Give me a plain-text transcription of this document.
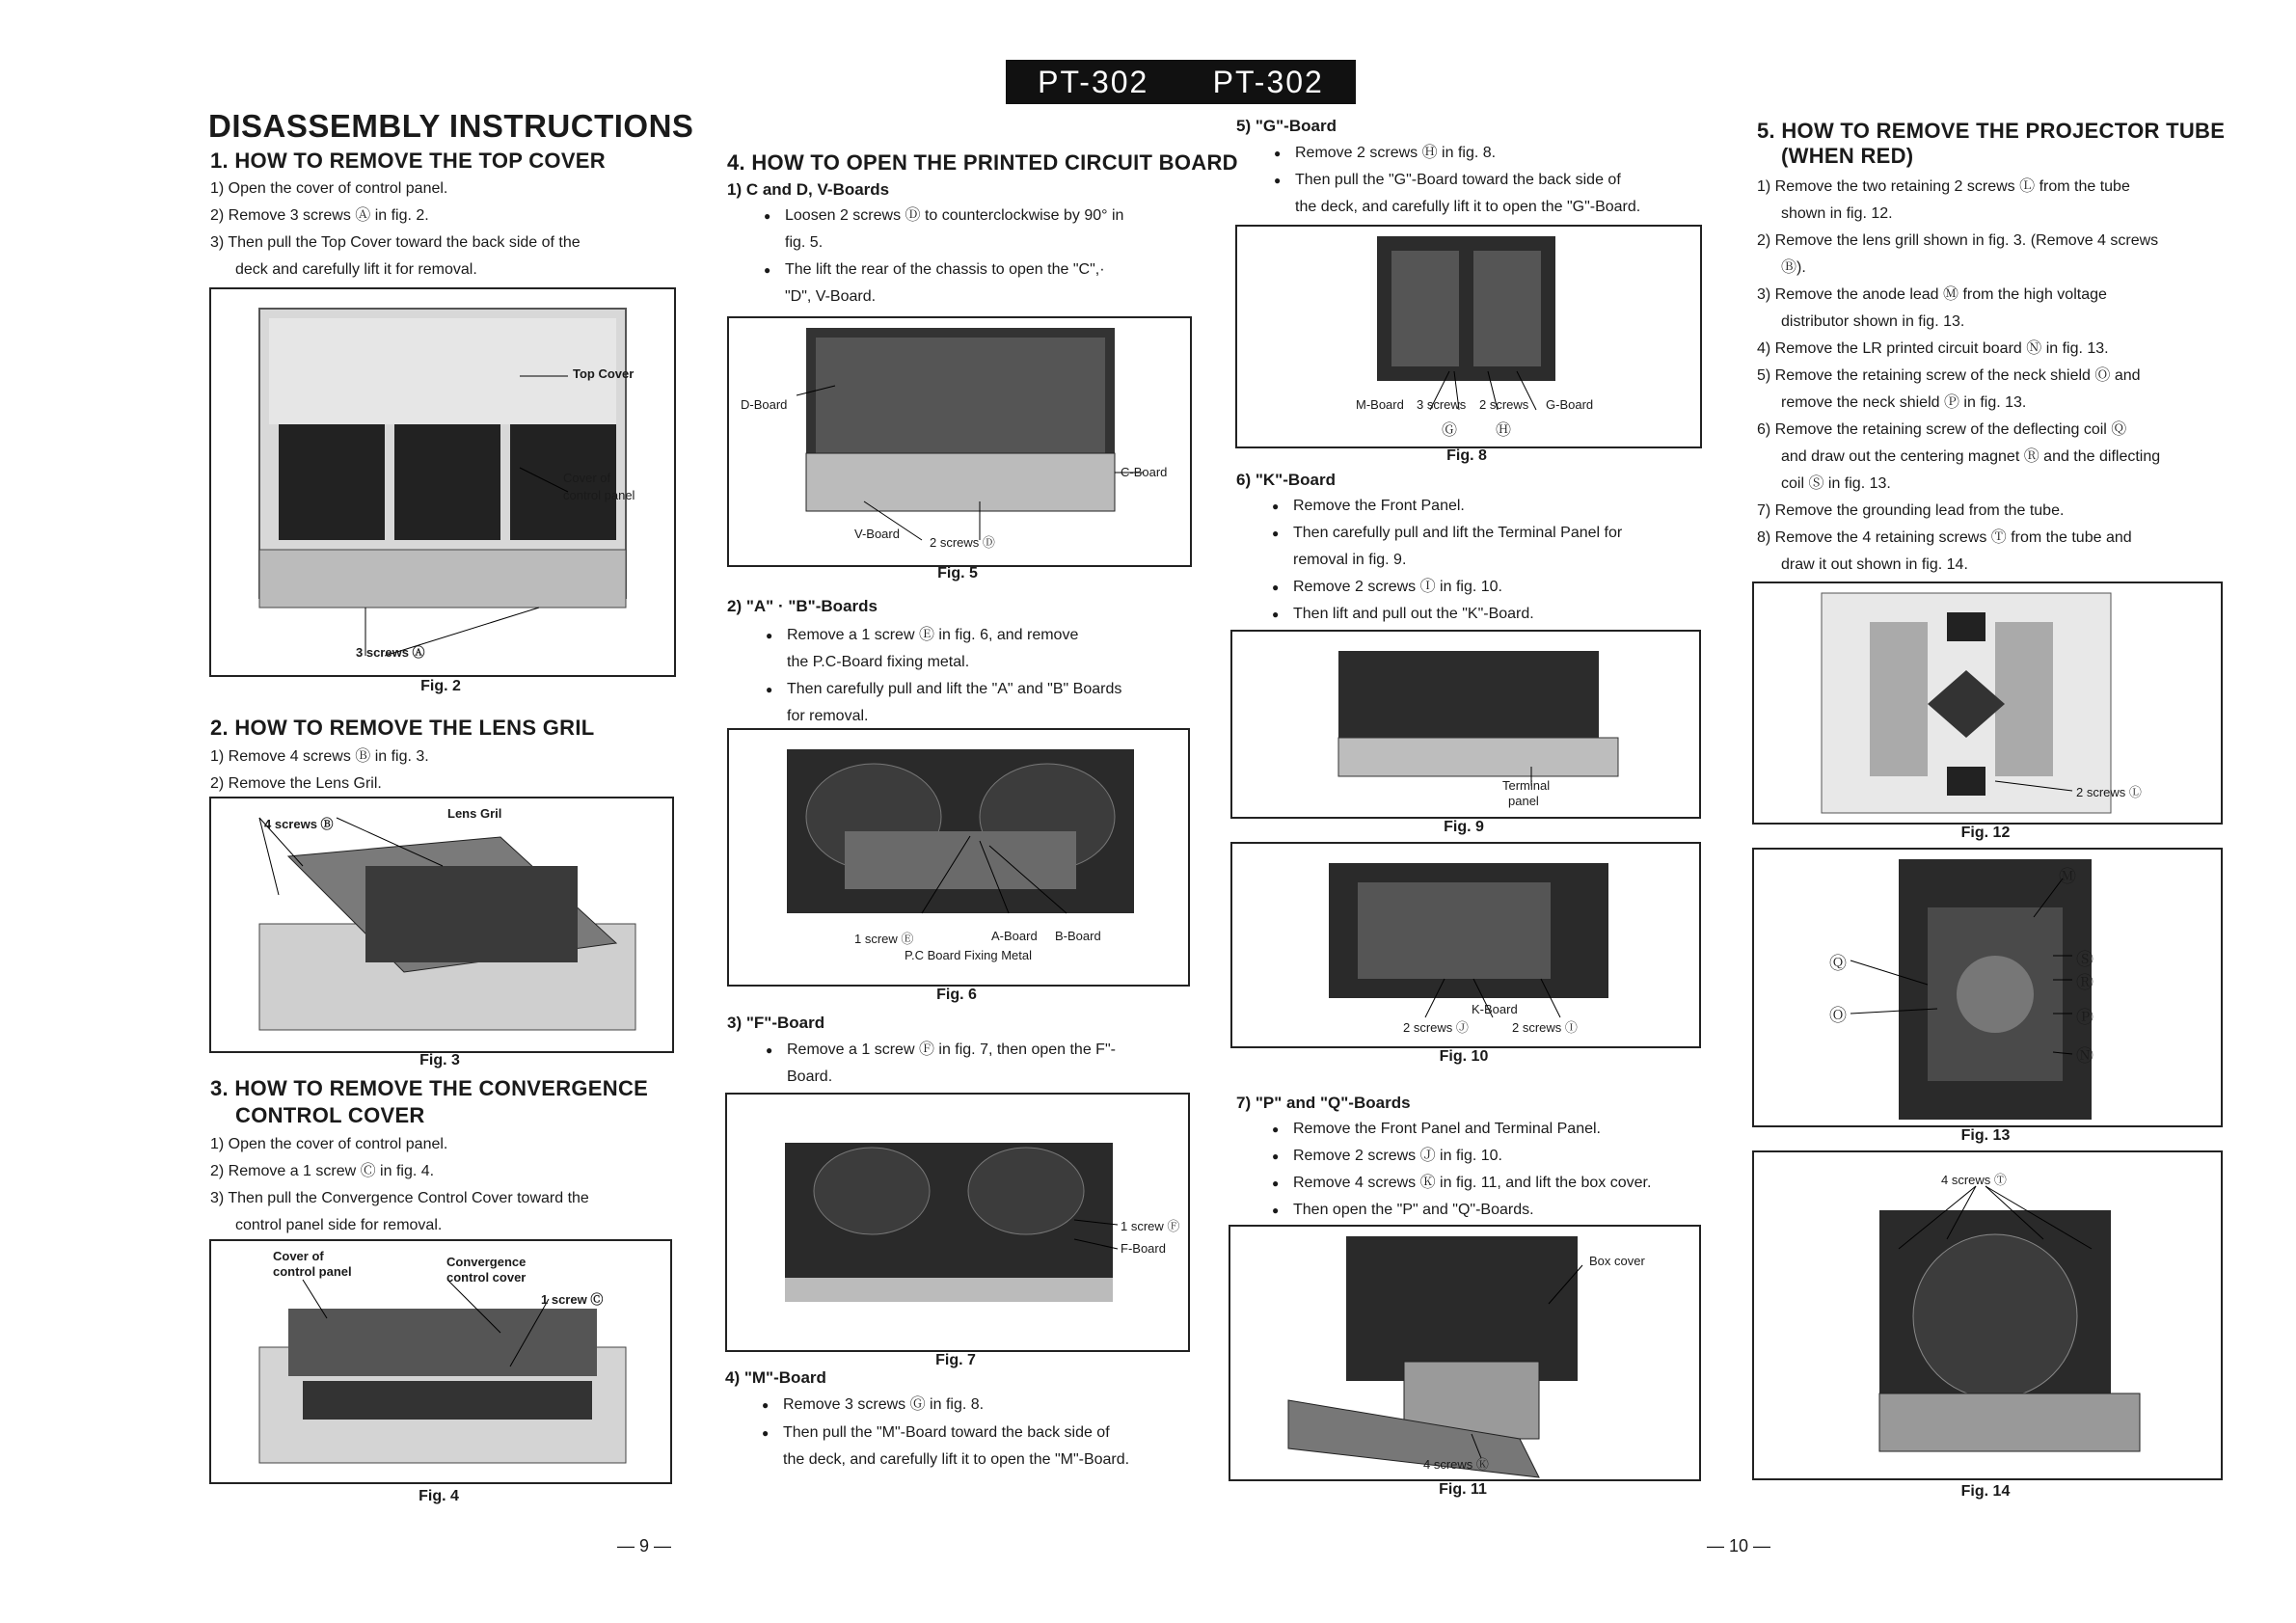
PT-302 PT-302
DISASSEMBLY INSTRUCTIONS
1. HOW TO REMOVE THE TOP COVER
1) Open the cover of control panel.
2) Remove 3 screws Ⓐ in fig. 2.
3) Then pull the Top Cover toward the back side of the
deck and carefully lift it for removal.
Top Cover
Cover of
control panel
3 screws Ⓐ
Fig. 2
2. HOW TO REMOVE THE LENS GRIL
1) Remove 4 screws Ⓑ in fig. 3.
2) Remove the Lens Gril.
4 screws Ⓑ
Lens Gril
Fig. 3
3. HOW TO REMOVE THE CONVERGENCE
CONTROL COVER
1) Open the cover of control panel.
2) Remove a 1 screw Ⓒ in fig. 4.
3) Then pull the Convergence Control Cover toward the
control panel side for removal.
Cover of
control panel
Convergence
control cover
1 screw Ⓒ
Fig. 4
— 9 —
4. HOW TO OPEN THE PRINTED CIRCUIT BOARD
1) C and D, V-Boards
● Loosen 2 screws Ⓓ to counterclockwise by 90° in
fig. 5.
● The lift the rear of the chassis to open the "C",·
"D", V-Board.
D-Board
C-Board
V-Board
2 screws Ⓓ
Fig. 5
2) "A" · "B"-Boards
● Remove a 1 screw Ⓔ in fig. 6, and remove
the P.C-Board fixing metal.
● Then carefully pull and lift the "A" and "B" Boards
for removal.
1 screw Ⓔ	A-Board B-Board
P.C Board Fixing Metal
Fig. 6
3) "F"-Board
● Remove a 1 screw Ⓕ in fig. 7, then open the F"-
Board.
1 screw Ⓕ
F-Board
Fig. 7
4) "M"-Board
● Remove 3 screws Ⓖ in fig. 8.
● Then pull the "M"-Board toward the back side of
the deck, and carefully lift it to open the "M"-Board.
5) "G"-Board
● Remove 2 screws Ⓗ in fig. 8.
● Then pull the "G"-Board toward the back side of
the deck, and carefully lift it to open the "G"-Board.
M-Board 3 screws 2 screws G-Board
Ⓖ Ⓗ
Fig. 8
6) "K"-Board
● Remove the Front Panel.
● Then carefully pull and lift the Terminal Panel for
removal in fig. 9.
● Remove 2 screws Ⓘ in fig. 10.
● Then lift and pull out the "K"-Board.
Terminal
panel
Fig. 9
K-Board
2 screws Ⓙ	2 screws Ⓘ
Fig. 10
7) "P" and "Q"-Boards
● Remove the Front Panel and Terminal Panel.
● Remove 2 screws Ⓙ in fig. 10.
● Remove 4 screws Ⓚ in fig. 11, and lift the box cover.
● Then open the "P" and "Q"-Boards.
Box cover
4 screws Ⓚ
Fig. 11
5. HOW TO REMOVE THE PROJECTOR TUBE
(WHEN RED)
1) Remove the two retaining 2 screws Ⓛ from the tube
shown in fig. 12.
2) Remove the lens grill shown in fig. 3. (Remove 4 screws
Ⓑ).
3) Remove the anode lead Ⓜ from the high voltage
distributor shown in fig. 13.
4) Remove the LR printed circuit board Ⓝ in fig. 13.
5) Remove the retaining screw of the neck shield Ⓞ and
remove the neck shield Ⓟ in fig. 13.
6) Remove the retaining screw of the deflecting coil Ⓠ
and draw out the centering magnet Ⓡ and the diflecting
coil Ⓢ in fig. 13.
7) Remove the grounding lead from the tube.
8) Remove the 4 retaining screws Ⓣ from the tube and
draw it out shown in fig. 14.
2 screws Ⓛ
Fig. 12
Ⓜ
Ⓠ	Ⓢ
Ⓡ
Ⓞ	Ⓟ
Ⓝ
Fig. 13
4 screws Ⓣ
Fig. 14
— 10 —
